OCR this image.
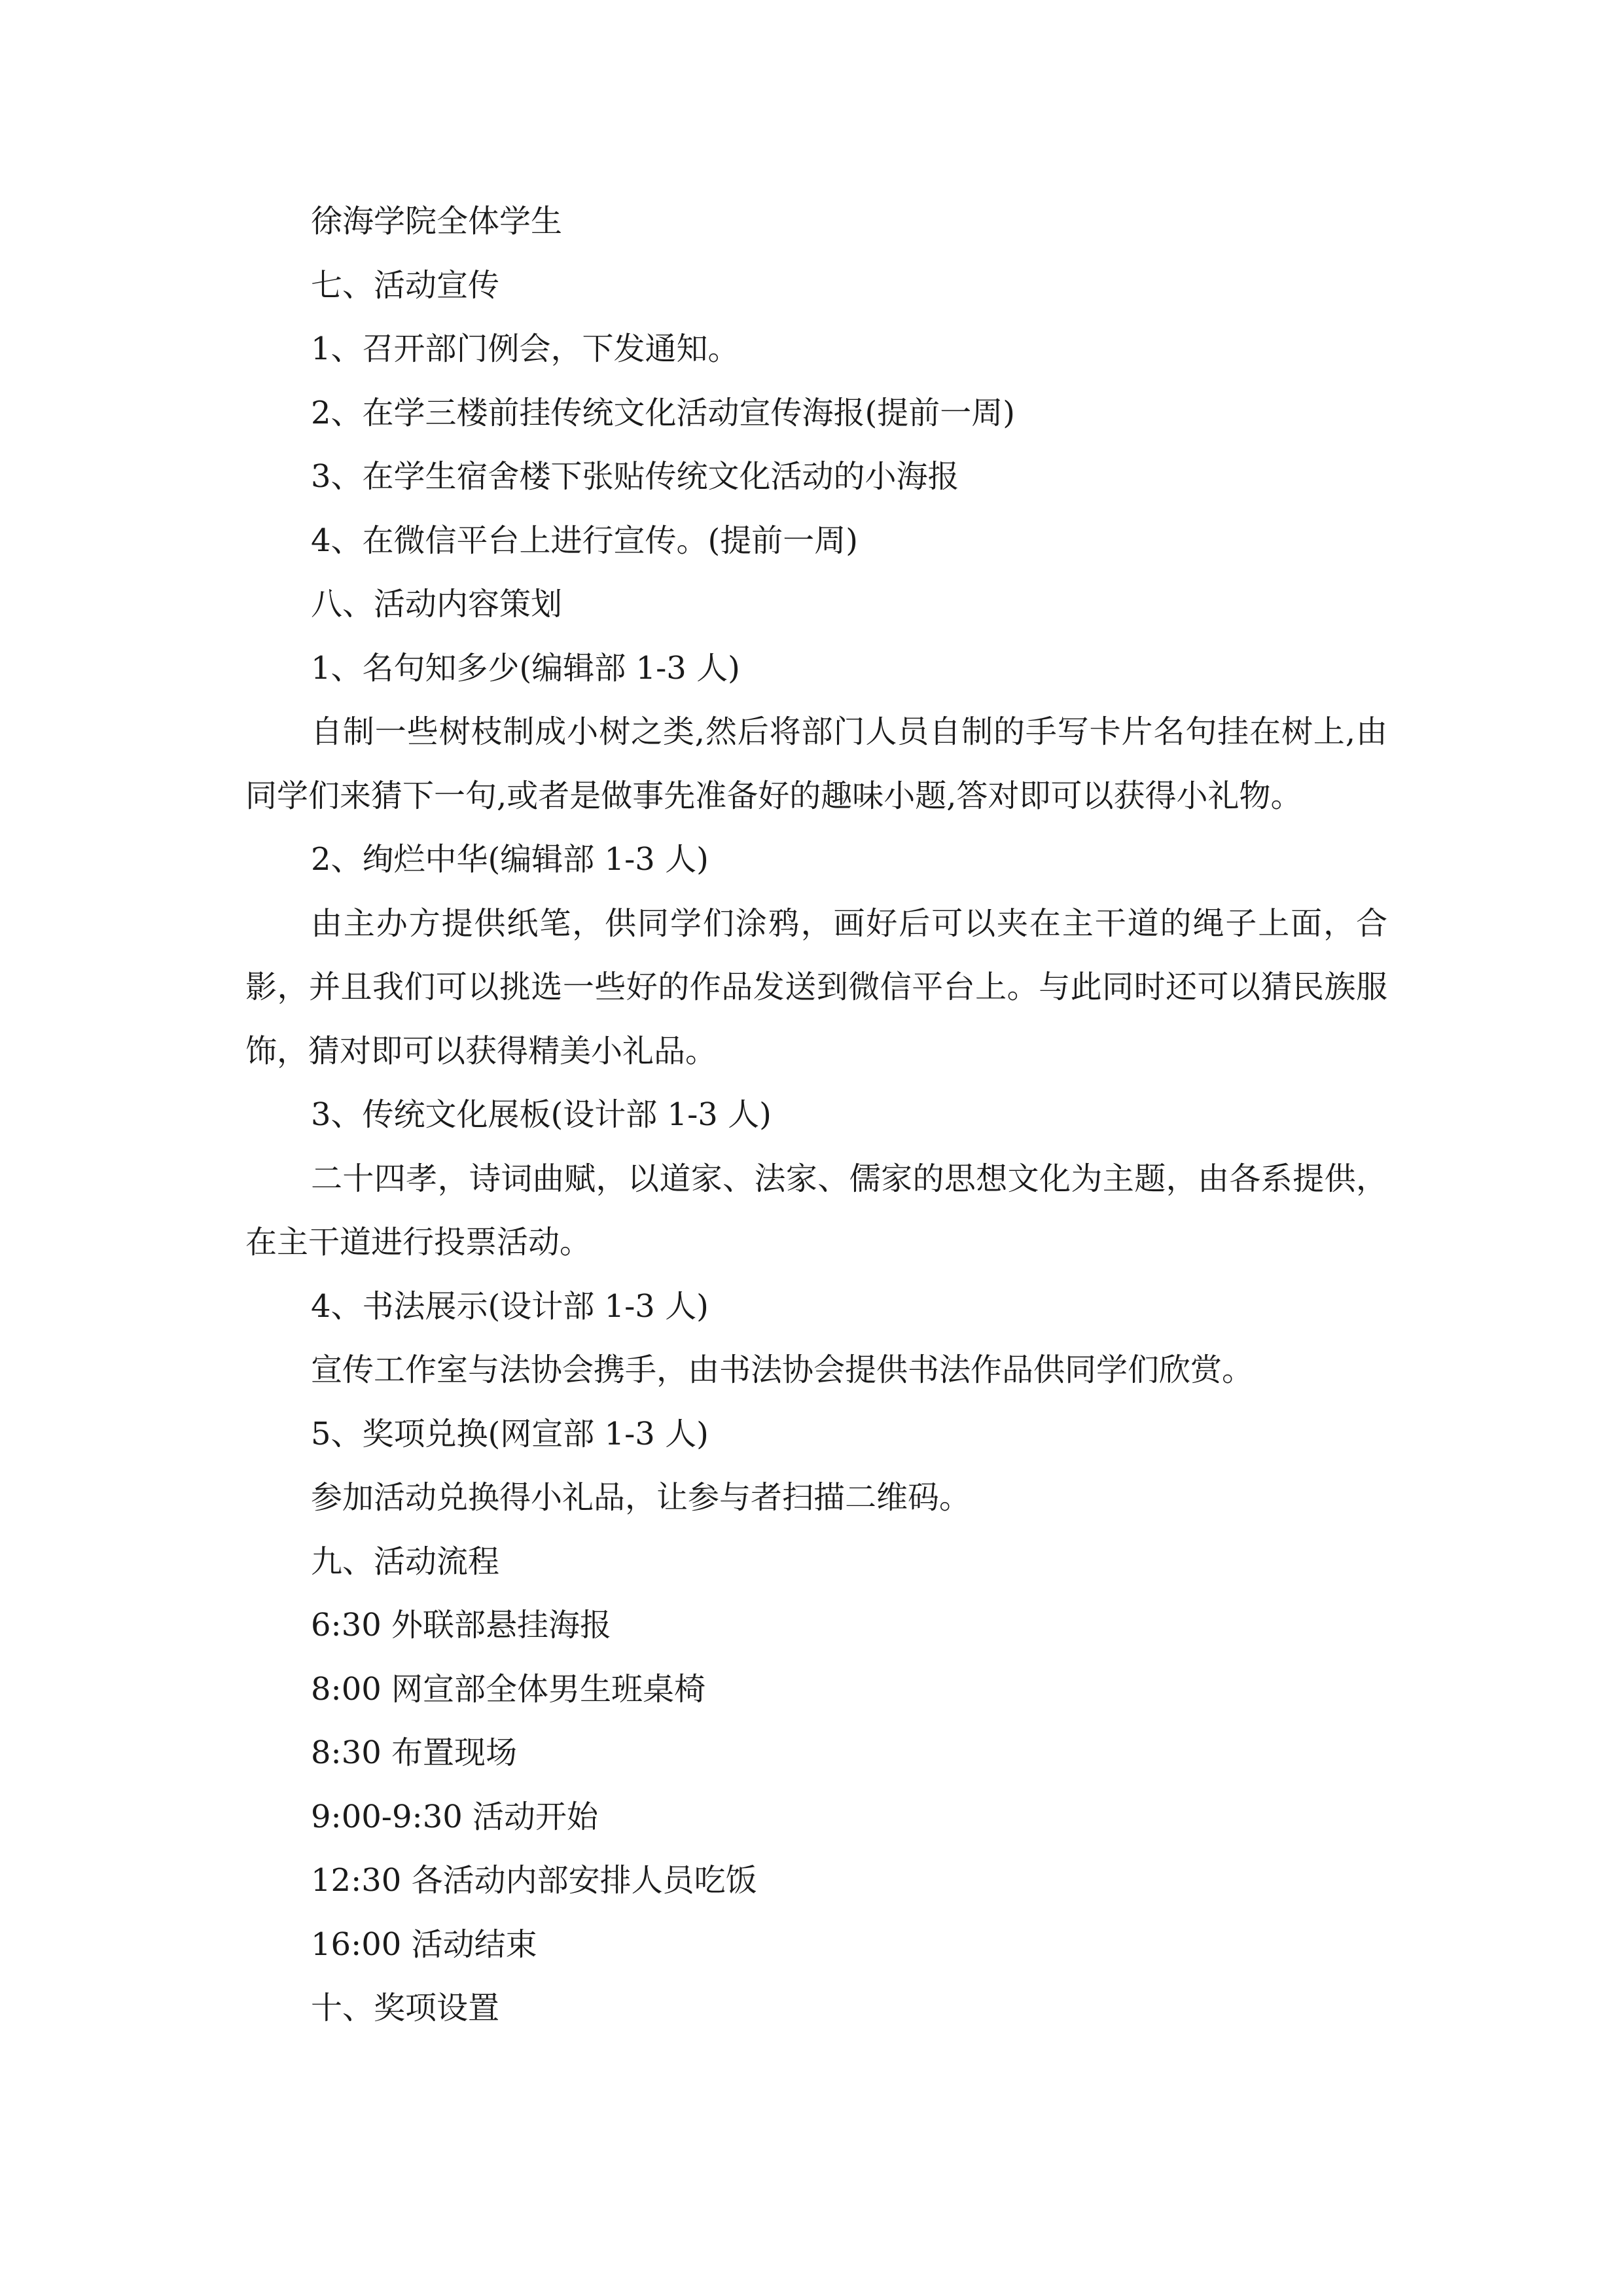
徐海学院全体学生
七、活动宣传
1、召开部门例会，下发通知。
2、在学三楼前挂传统文化活动宣传海报(提前一周)
3、在学生宿舍楼下张贴传统文化活动的小海报
4、在微信平台上进行宣传。(提前一周)
八、活动内容策划
1、名句知多少(编辑部 1-3 人)
自制一些树枝制成小树之类,然后将部门人员自制的手写卡片名句挂在树上,由同学们来猜下一句,或者是做事先准备好的趣味小题,答对即可以获得小礼物。
2、绚烂中华(编辑部 1-3 人)
由主办方提供纸笔，供同学们涂鸦，画好后可以夹在主干道的绳子上面，合影，并且我们可以挑选一些好的作品发送到微信平台上。与此同时还可以猜民族服饰，猜对即可以获得精美小礼品。
3、传统文化展板(设计部 1-3 人)
二十四孝，诗词曲赋，以道家、法家、儒家的思想文化为主题，由各系提供，在主干道进行投票活动。
4、书法展示(设计部 1-3 人)
宣传工作室与法协会携手，由书法协会提供书法作品供同学们欣赏。
5、奖项兑换(网宣部 1-3 人)
参加活动兑换得小礼品，让参与者扫描二维码。
九、活动流程
6:30 外联部悬挂海报
8:00 网宣部全体男生班桌椅
8:30 布置现场
9:00-9:30 活动开始
12:30 各活动内部安排人员吃饭
16:00 活动结束
十、奖项设置
